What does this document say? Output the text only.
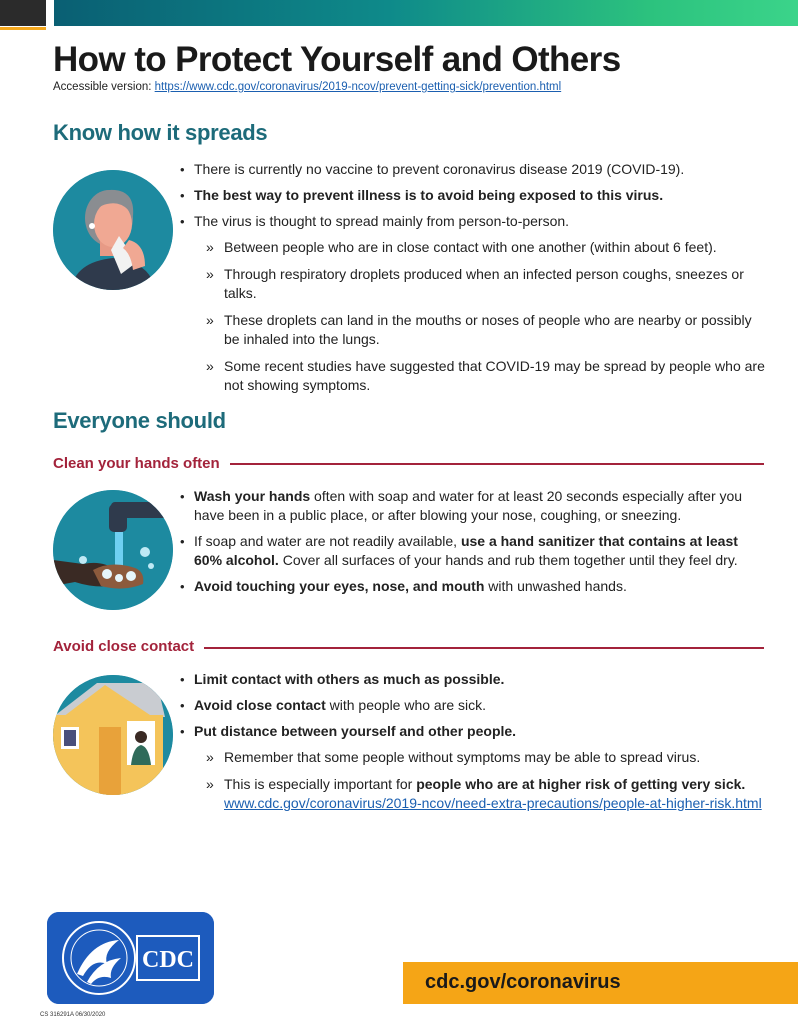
How to Protect Yourself and Others
Accessible version: https://www.cdc.gov/coronavirus/2019-ncov/prevent-getting-sick/prevention.html
Know how it spreads
• There is currently no vaccine to prevent coronavirus disease 2019 (COVID-19).
• The best way to prevent illness is to avoid being exposed to this virus.
• The virus is thought to spread mainly from person-to-person.
» Between people who are in close contact with one another (within about 6 feet).
» Through respiratory droplets produced when an infected person coughs, sneezes or talks.
» These droplets can land in the mouths or noses of people who are nearby or possibly be inhaled into the lungs.
» Some recent studies have suggested that COVID-19 may be spread by people who are not showing symptoms.
Everyone should
Clean your hands often
• Wash your hands often with soap and water for at least 20 seconds especially after you have been in a public place, or after blowing your nose, coughing, or sneezing.
• If soap and water are not readily available, use a hand sanitizer that contains at least 60% alcohol. Cover all surfaces of your hands and rub them together until they feel dry.
• Avoid touching your eyes, nose, and mouth with unwashed hands.
Avoid close contact
• Limit contact with others as much as possible.
• Avoid close contact with people who are sick.
• Put distance between yourself and other people.
» Remember that some people without symptoms may be able to spread virus.
» This is especially important for people who are at higher risk of getting very sick. www.cdc.gov/coronavirus/2019-ncov/need-extra-precautions/people-at-higher-risk.html
CDC
cdc.gov/coronavirus
CS 316291A 06/30/2020
